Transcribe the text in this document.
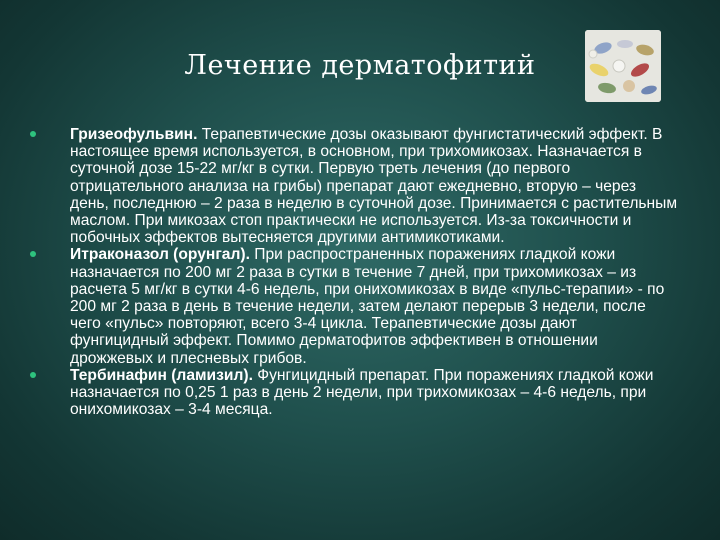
Лечение дерматофитий
Гризеофульвин. Терапевтические дозы оказывают фунгистатический эффект. В настоящее время используется, в основном, при трихомикозах. Назначается в суточной дозе 15-22 мг/кг в сутки. Первую треть лечения (до первого отрицательного анализа на грибы) препарат дают ежедневно, вторую – через день, последнюю – 2 раза в неделю в суточной дозе. Принимается с растительным маслом. При микозах стоп практически не используется. Из-за токсичности и побочных эффектов вытесняется другими антимикотиками.
Итраконазол (орунгал). При распространенных поражениях гладкой кожи назначается по 200 мг 2 раза в сутки в течение 7 дней, при трихомикозах – из расчета 5 мг/кг в сутки 4-6 недель, при онихомикозах в виде «пульс-терапии» - по 200 мг 2 раза в день в течение недели, затем делают перерыв 3 недели, после чего «пульс» повторяют, всего 3-4 цикла. Терапевтические дозы дают фунгицидный эффект. Помимо дерматофитов эффективен в отношении дрожжевых и плесневых грибов.
Тербинафин (ламизил). Фунгицидный препарат. При поражениях гладкой кожи назначается по 0,25 1 раз в день 2 недели, при трихомикозах – 4-6 недель, при онихомикозах – 3-4 месяца.
